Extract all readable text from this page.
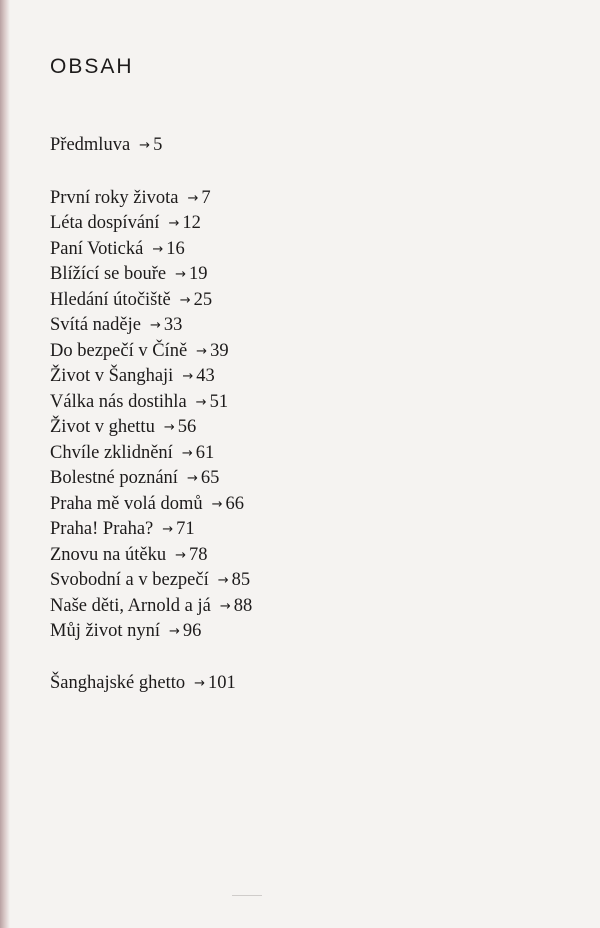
OBSAH
Předmluva → 5
První roky života → 7
Léta dospívání → 12
Paní Votická → 16
Blížící se bouře → 19
Hledání útočiště → 25
Svítá naděje → 33
Do bezpečí v Číně → 39
Život v Šanghaji → 43
Válka nás dostihla → 51
Život v ghettu → 56
Chvíle zklidnění → 61
Bolestné poznání → 65
Praha mě volá domů → 66
Praha! Praha? → 71
Znovu na útěku → 78
Svobodní a v bezpečí → 85
Naše děti, Arnold a já → 88
Můj život nyní → 96
Šanghajské ghetto → 101
